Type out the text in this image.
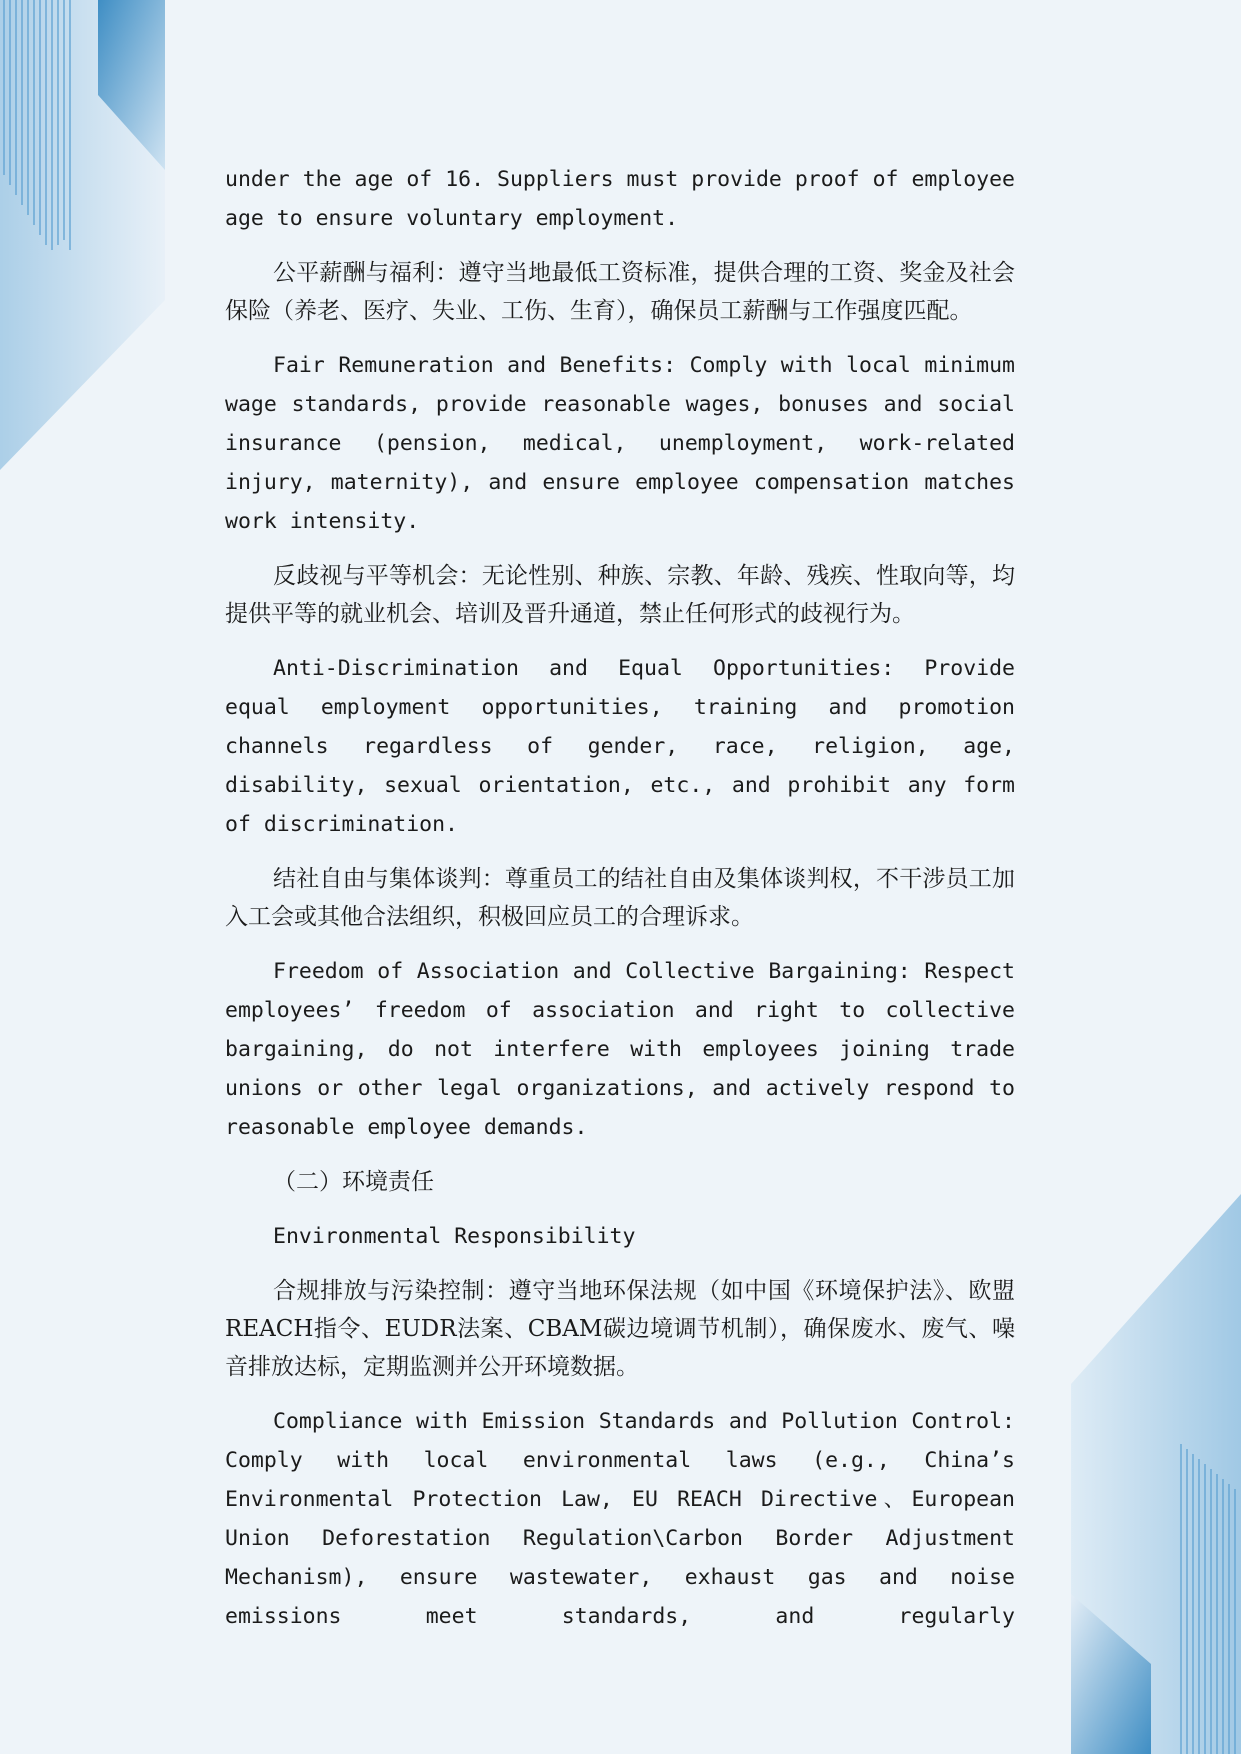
under the age of 16. Suppliers must provide proof of employee age to ensure voluntary employment.

公平薪酬与福利：遵守当地最低工资标准，提供合理的工资、奖金及社会保险（养老、医疗、失业、工伤、生育），确保员工薪酬与工作强度匹配。

Fair Remuneration and Benefits: Comply with local minimum wage standards, provide reasonable wages, bonuses and social insurance (pension, medical, unemployment, work-related injury, maternity), and ensure employee compensation matches work intensity.

反歧视与平等机会：无论性别、种族、宗教、年龄、残疾、性取向等，均提供平等的就业机会、培训及晋升通道，禁止任何形式的歧视行为。

Anti-Discrimination and Equal Opportunities: Provide equal employment opportunities, training and promotion channels regardless of gender, race, religion, age, disability, sexual orientation, etc., and prohibit any form of discrimination.

结社自由与集体谈判：尊重员工的结社自由及集体谈判权，不干涉员工加入工会或其他合法组织，积极回应员工的合理诉求。

Freedom of Association and Collective Bargaining: Respect employees’ freedom of association and right to collective bargaining, do not interfere with employees joining trade unions or other legal organizations, and actively respond to reasonable employee demands.

（二）环境责任

Environmental Responsibility

合规排放与污染控制：遵守当地环保法规（如中国《环境保护法》、欧盟REACH指令、EUDR法案、CBAM碳边境调节机制），确保废水、废气、噪音排放达标，定期监测并公开环境数据。

Compliance with Emission Standards and Pollution Control: Comply with local environmental laws (e.g., China’s Environmental Protection Law, EU REACH Directive、European Union Deforestation Regulation\Carbon Border Adjustment Mechanism), ensure wastewater, exhaust gas and noise emissions meet standards, and regularly
